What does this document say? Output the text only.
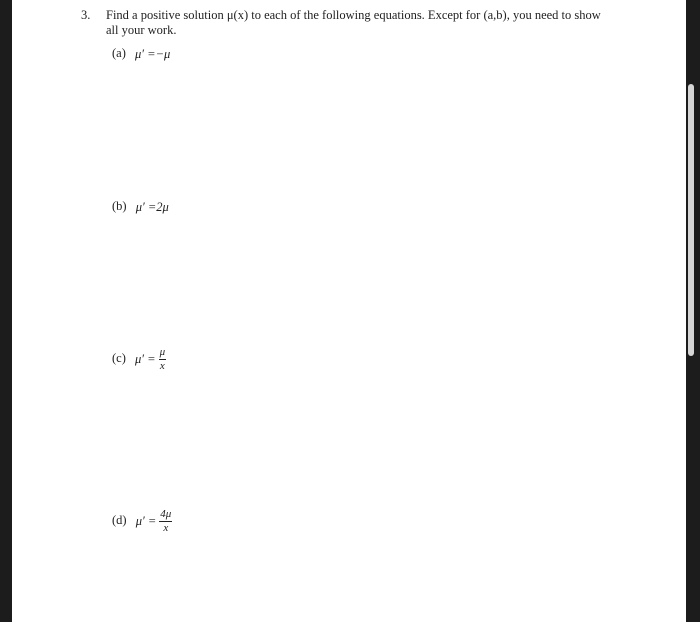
3. Find a positive solution μ(x) to each of the following equations. Except for (a,b), you need to show
all your work.
(a) μ′ =−μ
(b) μ′ =2μ
(c) $\mu' = \frac{\mu}{x}$
(d) $\mu' = \frac{4\mu}{x}$
